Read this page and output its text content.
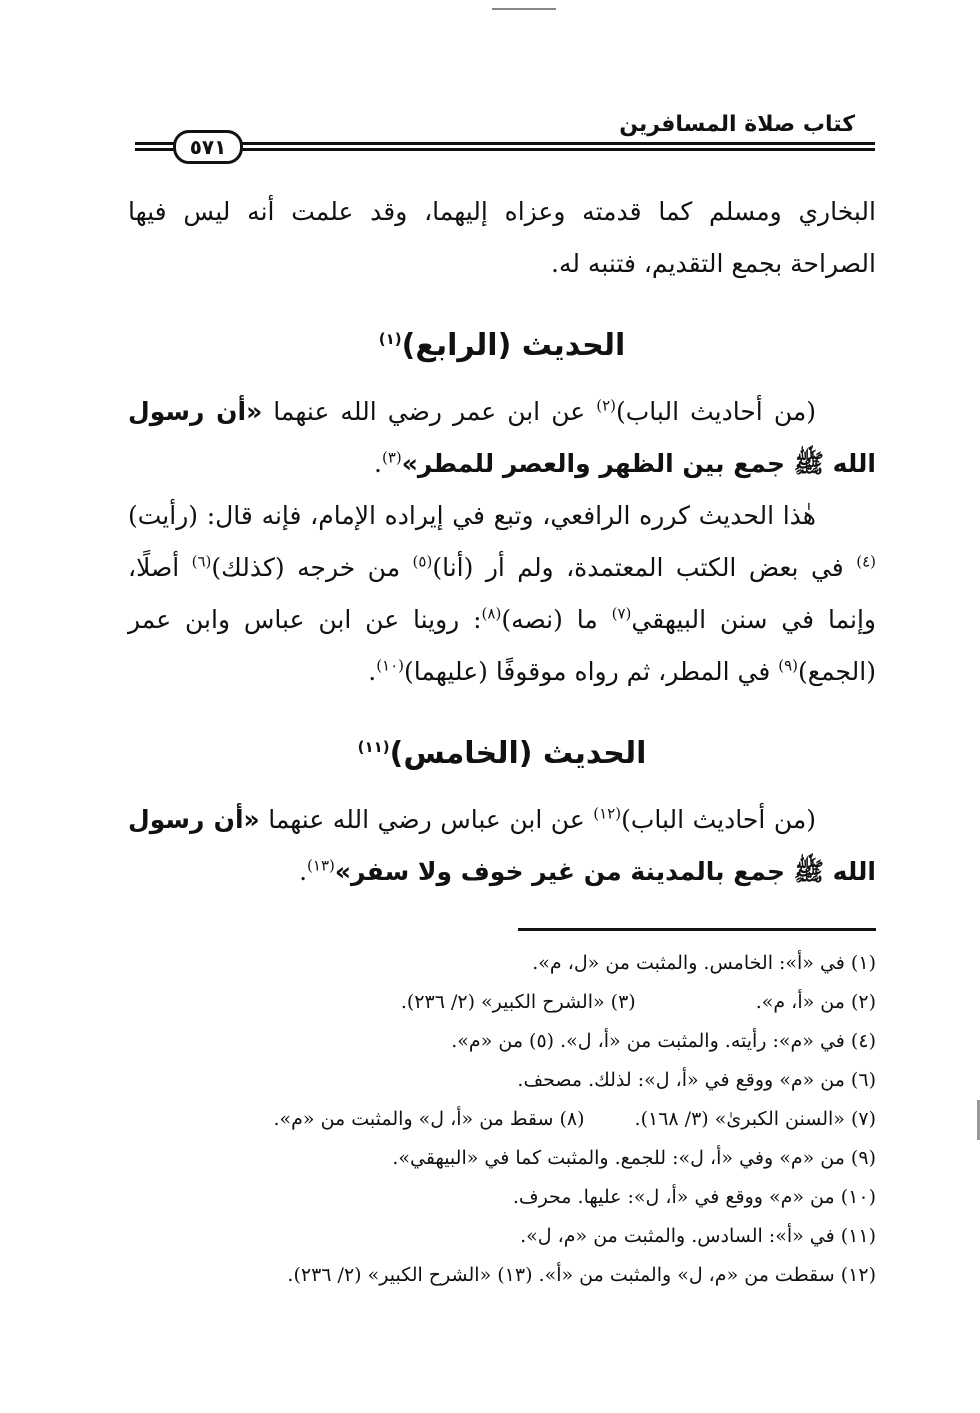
كتاب صلاة المسافرين
٥٧١

البخاري ومسلم كما قدمته وعزاه إليهما، وقد علمت أنه ليس فيها الصراحة بجمع التقديم، فتنبه له.

الحديث (الرابع)$^{(١)}$

(من أحاديث الباب)$^{(٢)}$ عن ابن عمر رضي الله عنهما «أن رسول الله ﷺ جمع بين الظهر والعصر للمطر»$^{(٣)}$.

هٰذا الحديث كرره الرافعي، وتبع في إيراده الإمام، فإنه قال: (رأيت)$^{(٤)}$ في بعض الكتب المعتمدة، ولم أر (أنا)$^{(٥)}$ من خرجه (كذلك)$^{(٦)}$ أصلًا، وإنما في سنن البيهقي$^{(٧)}$ ما (نصه)$^{(٨)}$: روينا عن ابن عباس وابن عمر (الجمع)$^{(٩)}$ في المطر، ثم رواه موقوفًا (عليهما)$^{(١٠)}$.

الحديث (الخامس)$^{(١١)}$

(من أحاديث الباب)$^{(١٢)}$ عن ابن عباس رضي الله عنهما «أن رسول الله ﷺ جمع بالمدينة من غير خوف ولا سفر»$^{(١٣)}$.

(١) في «أ»: الخامس. والمثبت من «ل، م».
(٢) من «أ، م».(٣) «الشرح الكبير» (٢/ ٢٣٦).
(٤) في «م»: رأيته. والمثبت من «أ، ل». (٥) من «م».
(٦) من «م» ووقع في «أ، ل»: لذلك. مصحف.
(٧) «السنن الكبرىٰ» (٣/ ١٦٨).(٨) سقط من «أ، ل» والمثبت من «م».
(٩) من «م» وفي «أ، ل»: للجمع. والمثبت كما في «البيهقي».
(١٠) من «م» ووقع في «أ، ل»: عليها. محرف.
(١١) في «أ»: السادس. والمثبت من «م، ل».
(١٢) سقطت من «م، ل» والمثبت من «أ». (١٣) «الشرح الكبير» (٢/ ٢٣٦).
